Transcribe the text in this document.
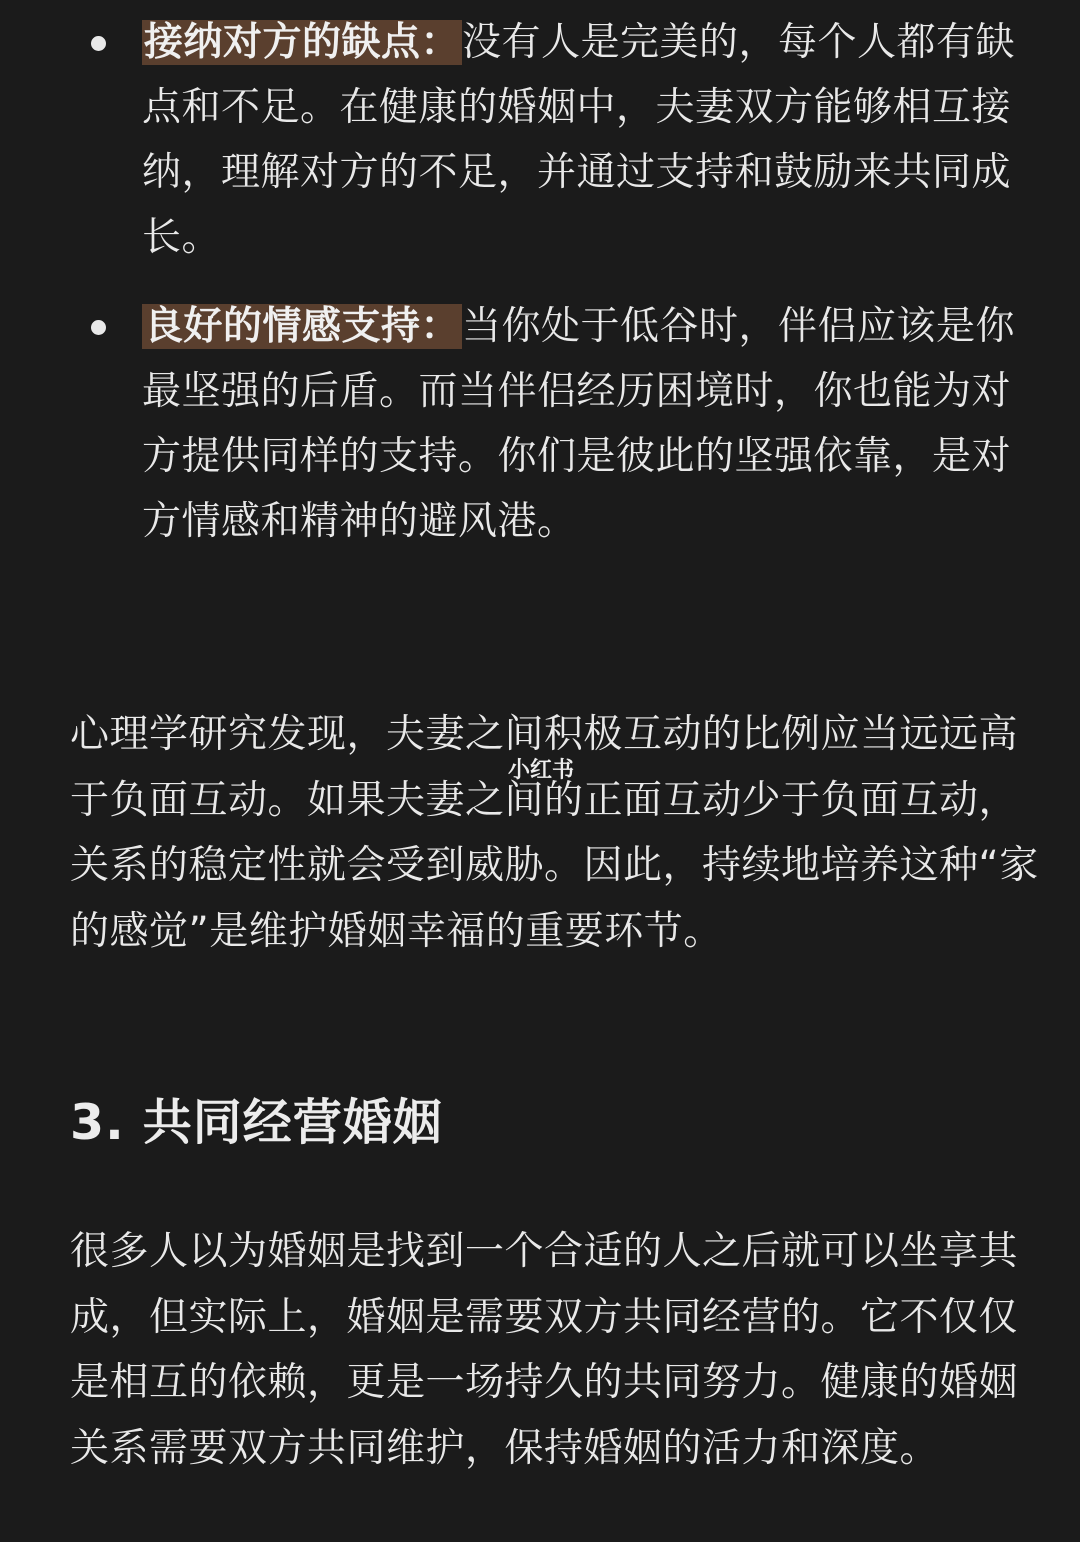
接纳对方的缺点：没有人是完美的，每个人都有缺点和不足。在健康的婚姻中，夫妻双方能够相互接纳，理解对方的不足，并通过支持和鼓励来共同成长。
良好的情感支持：当你处于低谷时，伴侣应该是你最坚强的后盾。而当伴侣经历困境时，你也能为对方提供同样的支持。你们是彼此的坚强依靠，是对方情感和精神的避风港。

心理学研究发现，夫妻之间积极互动的比例应当远远高于负面互动。如果夫妻之间的正面互动少于负面互动，关系的稳定性就会受到威胁。因此，持续地培养这种“家的感觉”是维护婚姻幸福的重要环节。

小红书
3. 共同经营婚姻

很多人以为婚姻是找到一个合适的人之后就可以坐享其成，但实际上，婚姻是需要双方共同经营的。它不仅仅是相互的依赖，更是一场持久的共同努力。健康的婚姻关系需要双方共同维护，保持婚姻的活力和深度。
